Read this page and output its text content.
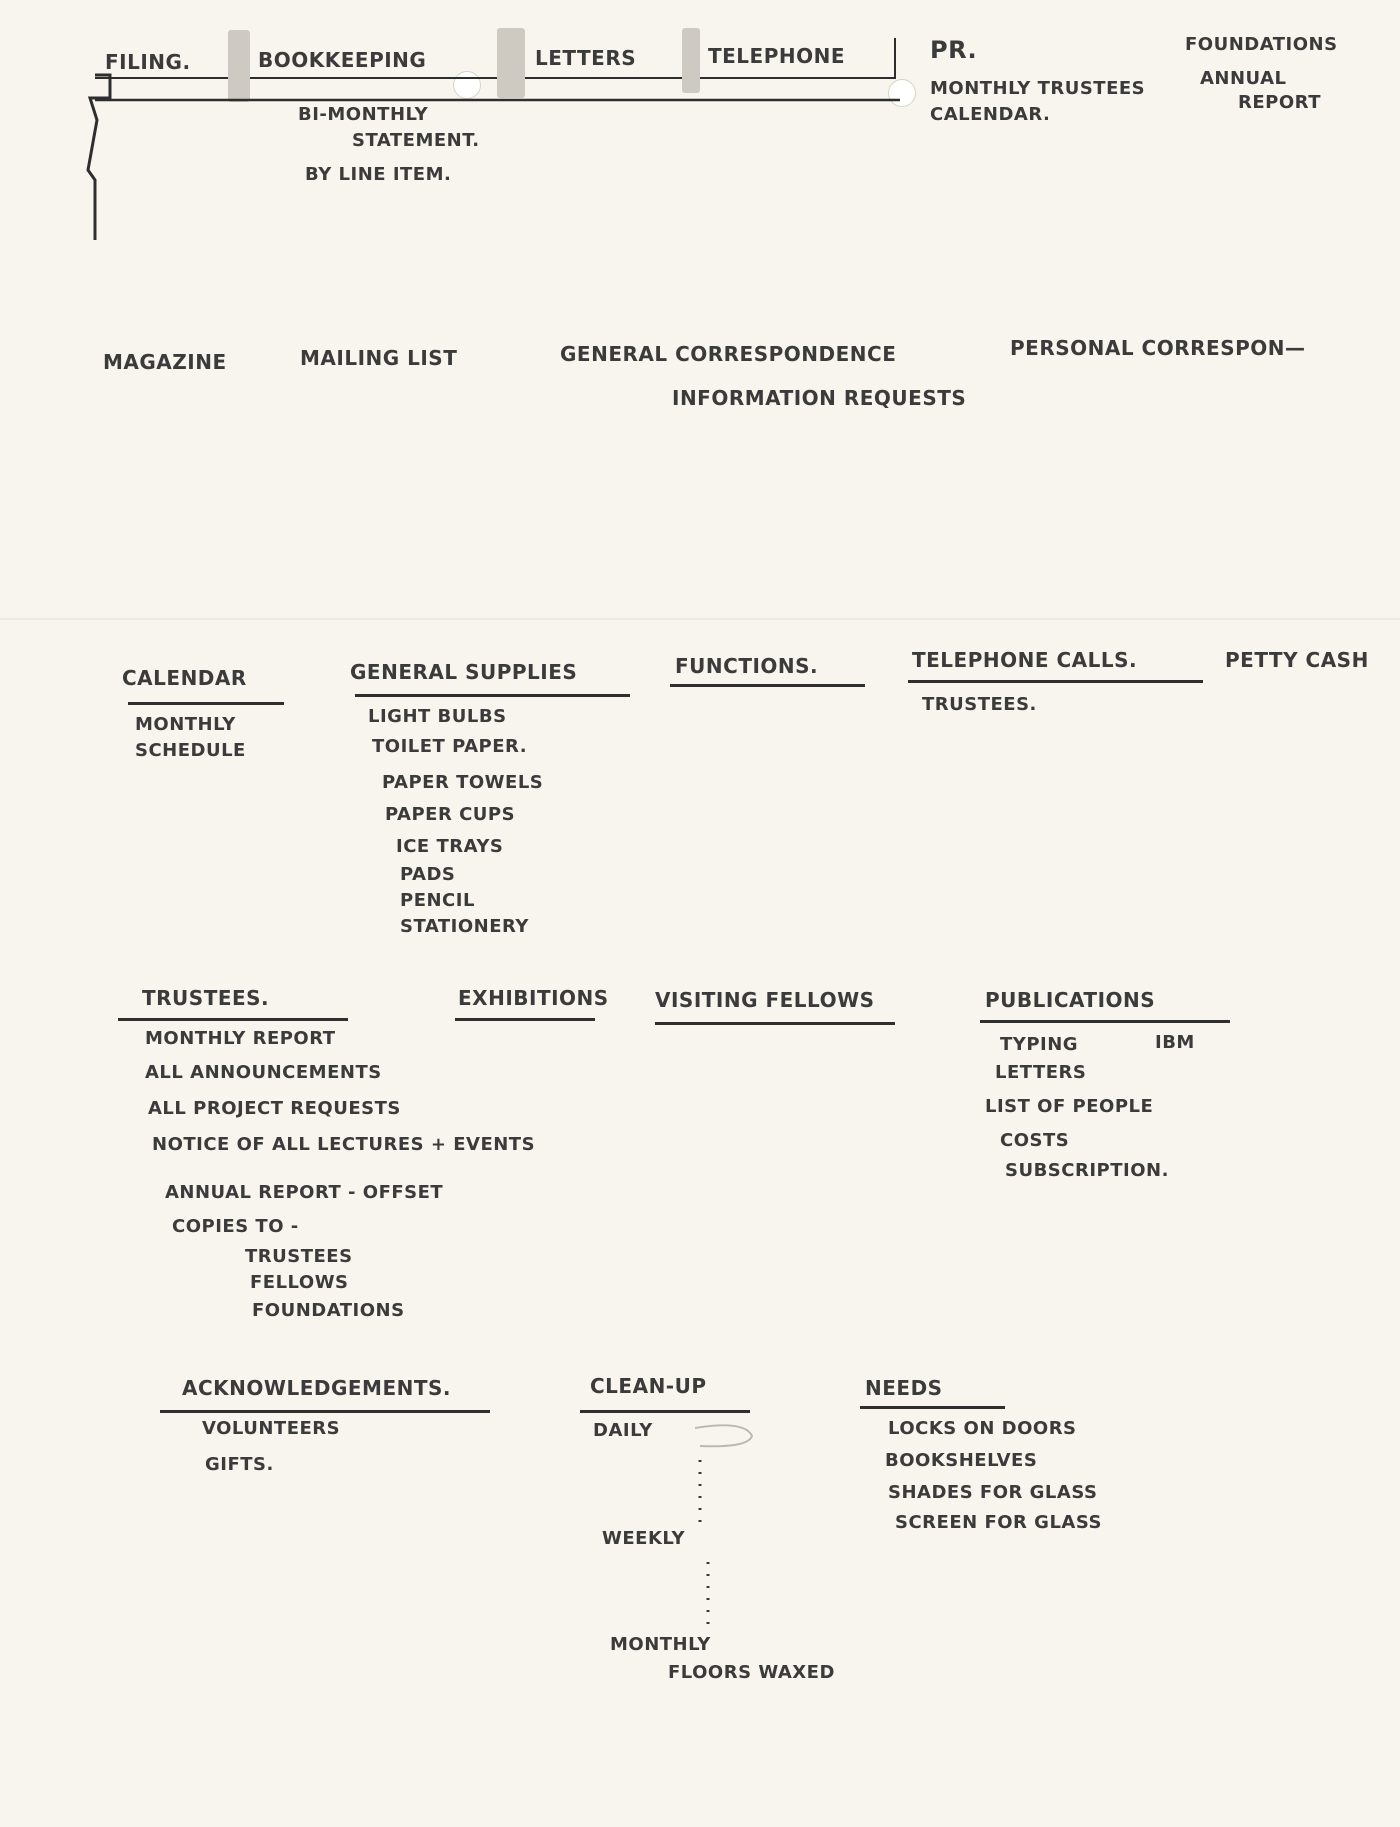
FILING.	BOOKKEEPING	LETTERS	TELEPHONE
BI-MONTHLY
STATEMENT.
BY LINE ITEM.
PR.
MONTHLY TRUSTEES
CALENDAR.
FOUNDATIONS
ANNUAL
REPORT
MAGAZINE	MAILING LIST	GENERAL CORRESPONDENCE
INFORMATION REQUESTS
PERSONAL CORRESPON—
CALENDAR
MONTHLY
SCHEDULE
GENERAL SUPPLIES
LIGHT BULBS
TOILET PAPER.
PAPER TOWELS
PAPER CUPS
ICE TRAYS
PADS
PENCIL
STATIONERY
FUNCTIONS.	TELEPHONE CALLS.
TRUSTEES.
PETTY CASH
TRUSTEES.
MONTHLY REPORT
ALL ANNOUNCEMENTS
ALL PROJECT REQUESTS
NOTICE OF ALL LECTURES + EVENTS
ANNUAL REPORT - OFFSET
COPIES TO -
TRUSTEES
FELLOWS
FOUNDATIONS
EXHIBITIONS VISITING FELLOWS	PUBLICATIONS
TYPING	IBM
LETTERS
LIST OF PEOPLE
COSTS
SUBSCRIPTION.
ACKNOWLEDGEMENTS.
VOLUNTEERS
GIFTS.
CLEAN-UP
DAILY
WEEKLY
MONTHLY
FLOORS WAXED
NEEDS
LOCKS ON DOORS
BOOKSHELVES
SHADES FOR GLASS
SCREEN FOR GLASS
